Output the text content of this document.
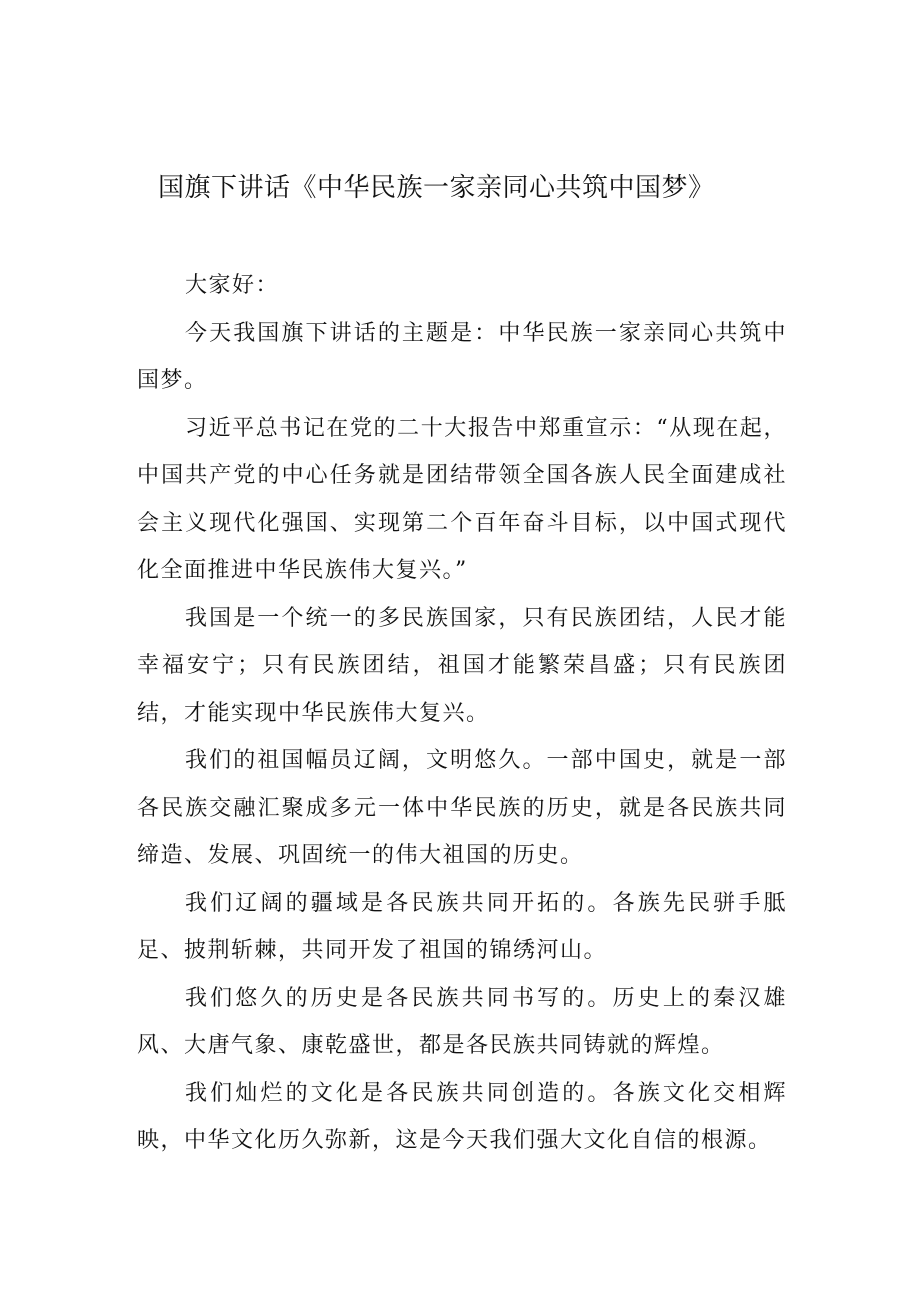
国旗下讲话《中华民族一家亲同心共筑中国梦》

大家好：

今天我国旗下讲话的主题是：中华民族一家亲同心共筑中国梦。

习近平总书记在党的二十大报告中郑重宣示：“从现在起，中国共产党的中心任务就是团结带领全国各族人民全面建成社会主义现代化强国、实现第二个百年奋斗目标，以中国式现代化全面推进中华民族伟大复兴。”

我国是一个统一的多民族国家，只有民族团结，人民才能幸福安宁；只有民族团结，祖国才能繁荣昌盛；只有民族团结，才能实现中华民族伟大复兴。

我们的祖国幅员辽阔，文明悠久。一部中国史，就是一部各民族交融汇聚成多元一体中华民族的历史，就是各民族共同缔造、发展、巩固统一的伟大祖国的历史。

我们辽阔的疆域是各民族共同开拓的。各族先民骈手胝足、披荆斩棘，共同开发了祖国的锦绣河山。

我们悠久的历史是各民族共同书写的。历史上的秦汉雄风、大唐气象、康乾盛世，都是各民族共同铸就的辉煌。

我们灿烂的文化是各民族共同创造的。各族文化交相辉映，中华文化历久弥新，这是今天我们强大文化自信的根源。
